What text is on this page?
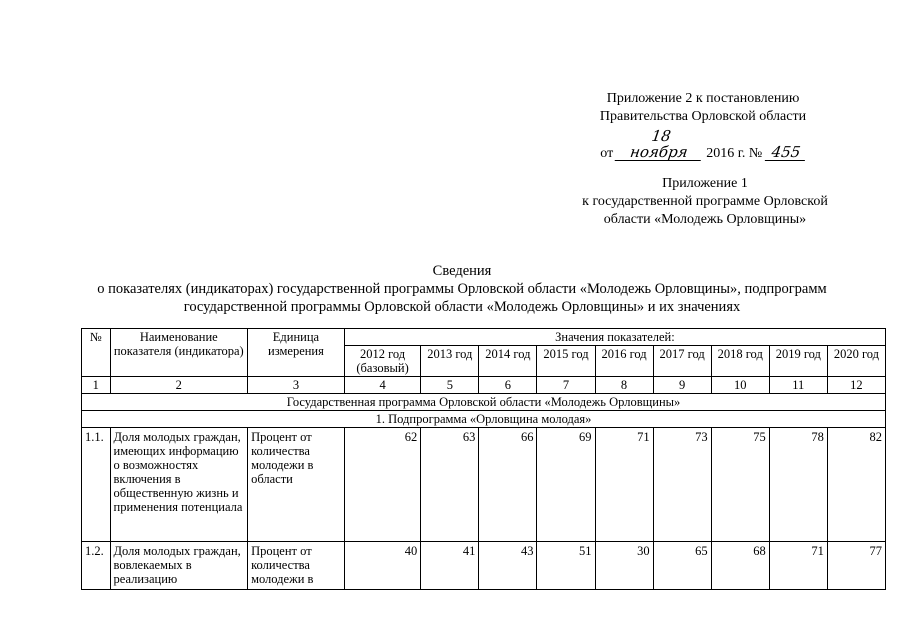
Приложение 2 к постановлению
Правительства Орловской области
от 18 ноября 2016 г. № 455
Приложение 1
к государственной программе Орловской
области «Молодежь Орловщины»
Сведения
о показателях (индикаторах) государственной программы Орловской области «Молодежь Орловщины», подпрограмм
государственной программы Орловской области «Молодежь Орловщины» и их значениях
№	Наименование показателя (индикатора)	Единица измерения	Значения показателей:								
			2012 год (базовый)	2013 год	2014 год	2015 год	2016 год	2017 год	2018 год	2019 год	2020 год
1	2	3	4	5	6	7	8	9	10	11	12
Государственная программа Орловской области «Молодежь Орловщины»											
1. Подпрограмма «Орловщина молодая»											
1.1.	Доля молодых граждан, имеющих информацию о возможностях включения в общественную жизнь и применения потенциала	Процент от количества молодежи в области	62	63	66	69	71	73	75	78	82
1.2.	Доля молодых граждан, вовлекаемых в реализацию	Процент от количества молодежи в	40	41	43	51	30	65	68	71	77
